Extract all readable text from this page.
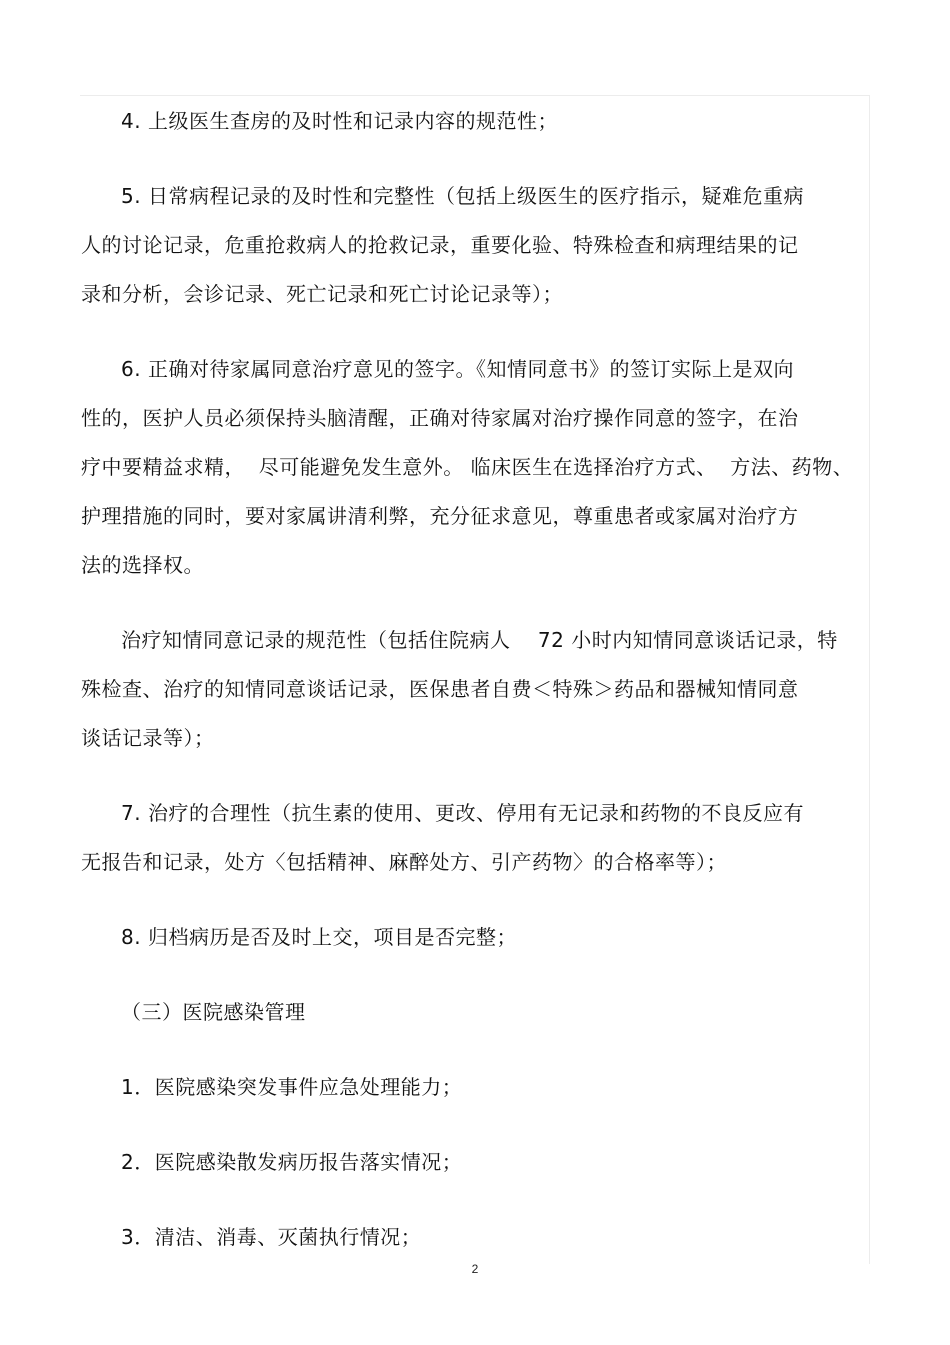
4. 上级医生查房的及时性和记录内容的规范性；

5. 日常病程记录的及时性和完整性（包括上级医生的医疗指示，疑难危重病
人的讨论记录，危重抢救病人的抢救记录，重要化验、特殊检查和病理结果的记
录和分析，会诊记录、死亡记录和死亡讨论记录等）；
6. 正确对待家属同意治疗意见的签字。《知情同意书》的签订实际上是双向
性的，医护人员必须保持头脑清醒，正确对待家属对治疗操作同意的签字，在治
疗中要精益求精，  尽可能避免发生意外。 临床医生在选择治疗方式、  方法、药物、
护理措施的同时，要对家属讲清利弊，充分征求意见，尊重患者或家属对治疗方
法的选择权。
治疗知情同意记录的规范性（包括住院病人    72 小时内知情同意谈话记录，特
殊检查、治疗的知情同意谈话记录，医保患者自费＜特殊＞药品和器械知情同意
谈话记录等）；
7. 治疗的合理性（抗生素的使用、更改、停用有无记录和药物的不良反应有
无报告和记录，处方〈包括精神、麻醉处方、引产药物〉的合格率等）；

8. 归档病历是否及时上交，项目是否完整；

（三）医院感染管理

1．医院感染突发事件应急处理能力；

2．医院感染散发病历报告落实情况；

3．清洁、消毒、灭菌执行情况；

2
